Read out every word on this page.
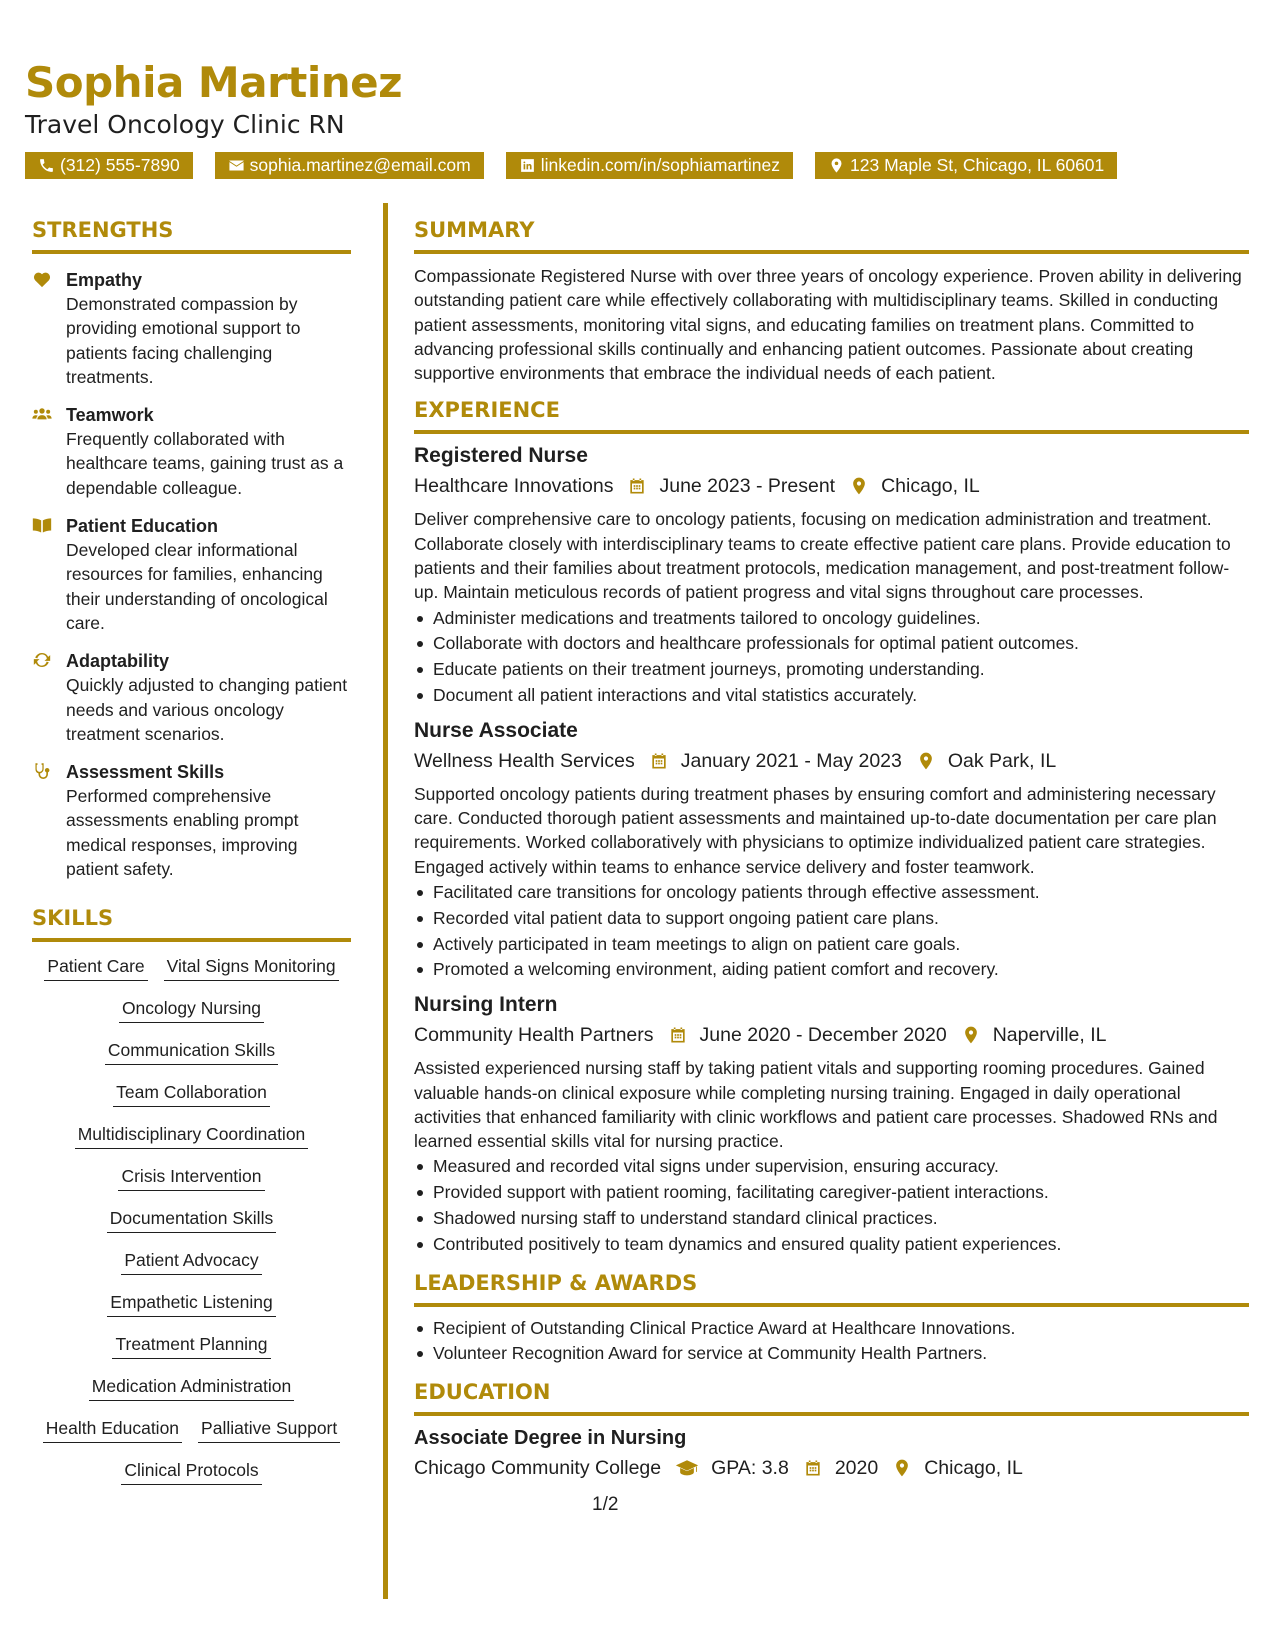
Sophia Martinez
Travel Oncology Clinic RN
(312) 555-7890	sophia.martinez@email.com	linkedin.com/in/sophiamartinez	123 Maple St, Chicago, IL 60601
STRENGTHS
Empathy
Demonstrated compassion by providing emotional support to patients facing challenging treatments.
Teamwork
Frequently collaborated with healthcare teams, gaining trust as a dependable colleague.
Patient Education
Developed clear informational resources for families, enhancing their understanding of oncological care.
Adaptability
Quickly adjusted to changing patient needs and various oncology treatment scenarios.
Assessment Skills
Performed comprehensive assessments enabling prompt medical responses, improving patient safety.
SKILLS
Patient Care Vital Signs Monitoring
Oncology Nursing
Communication Skills
Team Collaboration
Multidisciplinary Coordination
Crisis Intervention
Documentation Skills
Patient Advocacy
Empathetic Listening
Treatment Planning
Medication Administration
Health Education Palliative Support
Clinical Protocols
SUMMARY
Compassionate Registered Nurse with over three years of oncology experience. Proven ability in delivering outstanding patient care while effectively collaborating with multidisciplinary teams. Skilled in conducting patient assessments, monitoring vital signs, and educating families on treatment plans. Committed to advancing professional skills continually and enhancing patient outcomes. Passionate about creating supportive environments that embrace the individual needs of each patient.
EXPERIENCE
Registered Nurse
Healthcare Innovations June 2023 - Present Chicago, IL
Deliver comprehensive care to oncology patients, focusing on medication administration and treatment. Collaborate closely with interdisciplinary teams to create effective patient care plans. Provide education to patients and their families about treatment protocols, medication management, and post-treatment follow-up. Maintain meticulous records of patient progress and vital signs throughout care processes.
Administer medications and treatments tailored to oncology guidelines.
Collaborate with doctors and healthcare professionals for optimal patient outcomes.
Educate patients on their treatment journeys, promoting understanding.
Document all patient interactions and vital statistics accurately.
Nurse Associate
Wellness Health Services January 2021 - May 2023 Oak Park, IL
Supported oncology patients during treatment phases by ensuring comfort and administering necessary care. Conducted thorough patient assessments and maintained up-to-date documentation per care plan requirements. Worked collaboratively with physicians to optimize individualized patient care strategies. Engaged actively within teams to enhance service delivery and foster teamwork.
Facilitated care transitions for oncology patients through effective assessment.
Recorded vital patient data to support ongoing patient care plans.
Actively participated in team meetings to align on patient care goals.
Promoted a welcoming environment, aiding patient comfort and recovery.
Nursing Intern
Community Health Partners June 2020 - December 2020 Naperville, IL
Assisted experienced nursing staff by taking patient vitals and supporting rooming procedures. Gained valuable hands-on clinical exposure while completing nursing training. Engaged in daily operational activities that enhanced familiarity with clinic workflows and patient care processes. Shadowed RNs and learned essential skills vital for nursing practice.
Measured and recorded vital signs under supervision, ensuring accuracy.
Provided support with patient rooming, facilitating caregiver-patient interactions.
Shadowed nursing staff to understand standard clinical practices.
Contributed positively to team dynamics and ensured quality patient experiences.
LEADERSHIP & AWARDS
Recipient of Outstanding Clinical Practice Award at Healthcare Innovations.
Volunteer Recognition Award for service at Community Health Partners.
EDUCATION
Associate Degree in Nursing
Chicago Community College	GPA: 3.8 2020 Chicago, IL
1/2
